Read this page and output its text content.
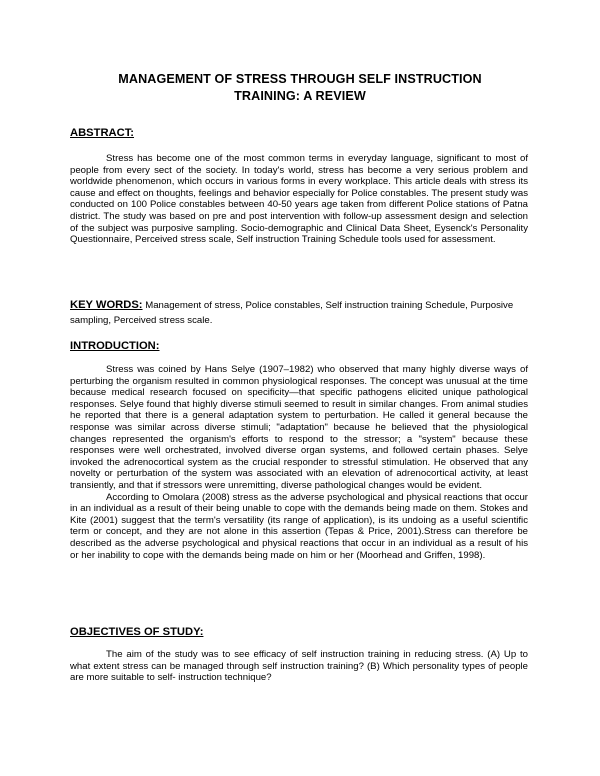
MANAGEMENT OF STRESS THROUGH SELF INSTRUCTION
TRAINING: A REVIEW
ABSTRACT:

Stress has become one of the most common terms in everyday language, significant to most of people from every sect of the society. In today's world, stress has become a very serious problem and worldwide phenomenon, which occurs in various forms in every workplace. This article deals with stress its cause and effect on thoughts, feelings and behavior especially for Police constables. The present study was conducted on 100 Police constables between 40-50 years age taken from different Police stations of Patna district. The study was based on pre and post intervention with follow-up assessment design and selection of the subject was purposive sampling. Socio-demographic and Clinical Data Sheet, Eysenck's Personality Questionnaire, Perceived stress scale, Self instruction Training Schedule tools used for assessment.

KEY WORDS: Management of stress, Police constables, Self instruction training Schedule, Purposive sampling, Perceived stress scale.
INTRODUCTION:

Stress was coined by Hans Selye (1907–1982) who observed that many highly diverse ways of perturbing the organism resulted in common physiological responses. The concept was unusual at the time because medical research focused on specificity—that specific pathogens elicited unique pathological responses. Selye found that highly diverse stimuli seemed to result in similar changes. From animal studies he reported that there is a general adaptation system to perturbation. He called it general because the response was similar across diverse stimuli; "adaptation" because he believed that the physiological changes represented the organism's efforts to respond to the stressor; a "system" because these responses were well orchestrated, involved diverse organ systems, and followed certain phases. Selye invoked the adrenocortical system as the crucial responder to stressful stimulation. He observed that any novelty or perturbation of the system was associated with an elevation of adrenocortical activity, at least transiently, and that if stressors were unremitting, diverse pathological changes would be evident.

According to Omolara (2008) stress as the adverse psychological and physical reactions that occur in an individual as a result of their being unable to cope with the demands being made on them. Stokes and Kite (2001) suggest that the term's versatility (its range of application), is its undoing as a useful scientific term or concept, and they are not alone in this assertion (Tepas & Price, 2001).Stress can therefore be described as the adverse psychological and physical reactions that occur in an individual as a result of his or her inability to cope with the demands being made on him or her (Moorhead and Griffen, 1998).

OBJECTIVES OF STUDY:

The aim of the study was to see efficacy of self instruction training in reducing stress. (A) Up to what extent stress can be managed through self instruction training? (B) Which personality types of people are more suitable to self- instruction technique?
